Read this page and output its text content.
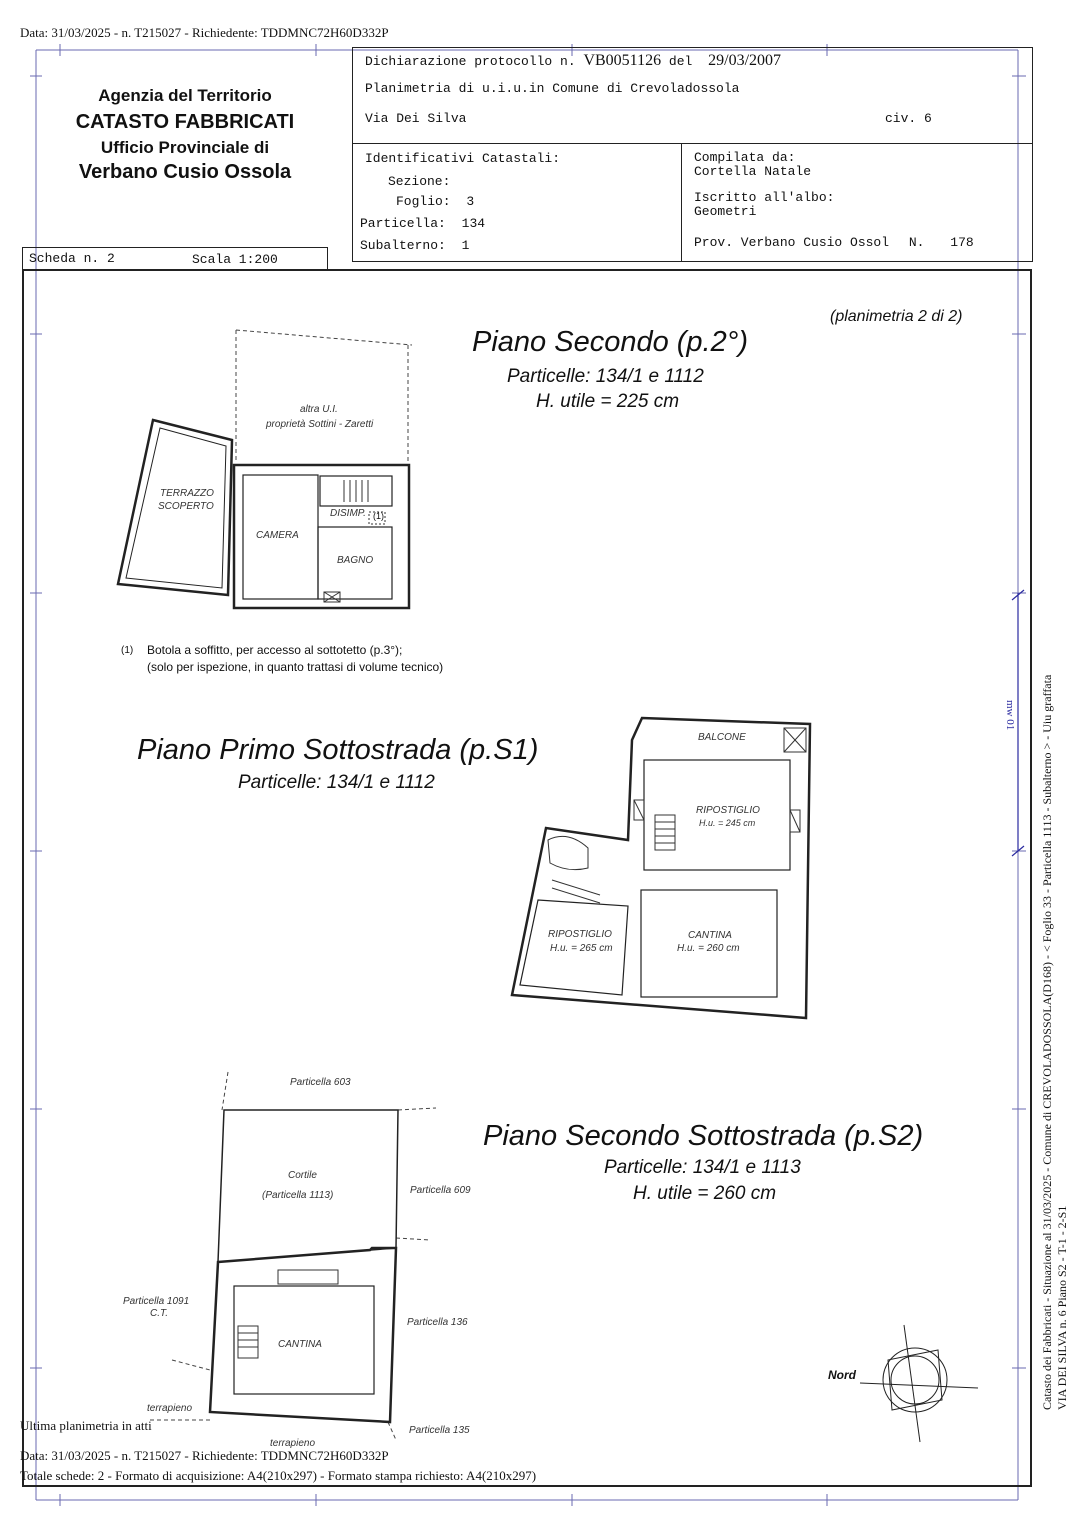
Data: 31/03/2025 - n. T215027 - Richiedente: TDDMNC72H60D332P
Agenzia del Territorio
CATASTO FABBRICATI
Ufficio Provinciale di
Verbano Cusio Ossola
Dichiarazione protocollo n. VB0051126 del 29/03/2007
Planimetria di u.i.u.in Comune di Crevoladossola
Via Dei Silva	civ. 6
Identificativi Catastali:
Sezione:
Foglio: 3
Particella: 134
Subalterno: 1
Compilata da:
Cortella Natale
Iscritto all'albo:
Geometri
Prov. Verbano Cusio Ossol N. 178
Scheda n. 2	Scala 1:200
(planimetria 2 di 2)
Piano Secondo (p.2°)
Particelle: 134/1 e 1112
H. utile = 225 cm
altra U.I.
proprietà Sottini - Zaretti
TERRAZZO
SCOPERTO
CAMERA
DISIMP. (1)
BAGNO
(1) Botola a soffitto, per accesso al sottotetto (p.3°);
(solo per ispezione, in quanto trattasi di volume tecnico)
Piano Primo Sottostrada (p.S1)
Particelle: 134/1 e 1112
BALCONE
RIPOSTIGLIO
H.u. = 245 cm
RIPOSTIGLIO
H.u. = 265 cm
CANTINA
H.u. = 260 cm
Piano Secondo Sottostrada (p.S2)
Particelle: 134/1 e 1113
H. utile = 260 cm
Particella 603
Cortile
(Particella 1113)	Particella 609
Particella 1091
C.T.
Particella 136
CANTINA
terrapieno
terrapieno
Particella 135
Nord
mw 01 Catasto dei Fabbricati - Situazione al 31/03/2025 - Comune di CREVOLADOSSOLA(D168) - < Foglio 33 - Particella 1113 - Subalterno > - Uiu graffata VIA DEI SILVA n. 6 Piano S2 - T-1 - 2-S1
Ultima planimetria in atti
Data: 31/03/2025 - n. T215027 - Richiedente: TDDMNC72H60D332P
Totale schede: 2 - Formato di acquisizione: A4(210x297) - Formato stampa richiesto: A4(210x297)
